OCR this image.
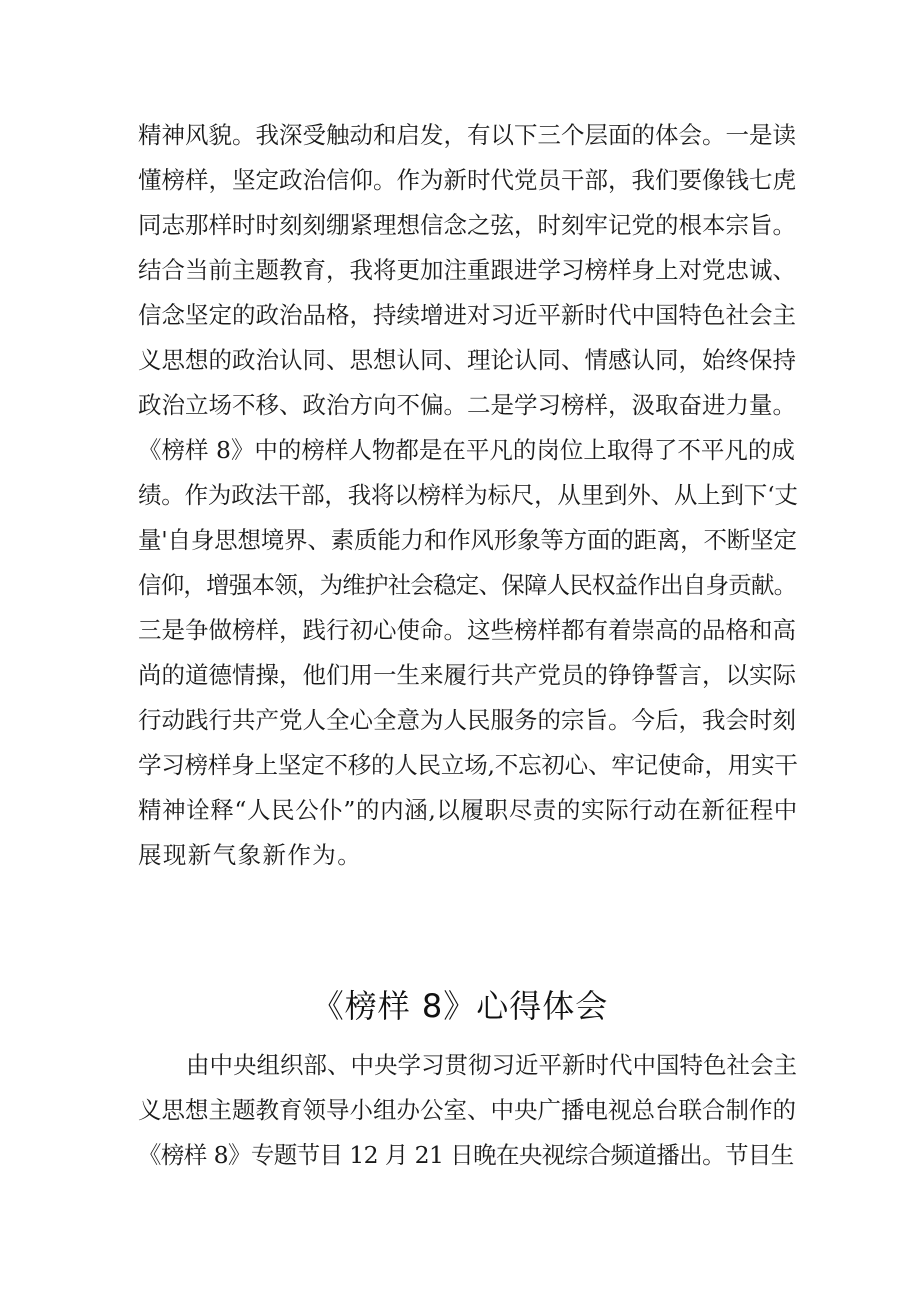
精神风貌。我深受触动和启发，有以下三个层面的体会。一是读
懂榜样，坚定政治信仰。作为新时代党员干部，我们要像钱七虎
同志那样时时刻刻绷紧理想信念之弦，时刻牢记党的根本宗旨。
结合当前主题教育，我将更加注重跟进学习榜样身上对党忠诚、
信念坚定的政治品格，持续增进对习近平新时代中国特色社会主
义思想的政治认同、思想认同、理论认同、情感认同，始终保持
政治立场不移、政治方向不偏。二是学习榜样，汲取奋进力量。
《榜样 8》中的榜样人物都是在平凡的岗位上取得了不平凡的成
绩。作为政法干部，我将以榜样为标尺，从里到外、从上到下‘丈
量'自身思想境界、素质能力和作风形象等方面的距离，不断坚定
信仰，增强本领，为维护社会稳定、保障人民权益作出自身贡献。
三是争做榜样，践行初心使命。这些榜样都有着崇高的品格和高
尚的道德情操，他们用一生来履行共产党员的铮铮誓言，以实际
行动践行共产党人全心全意为人民服务的宗旨。今后，我会时刻
学习榜样身上坚定不移的人民立场,不忘初心、牢记使命，用实干
精神诠释“人民公仆”的内涵,以履职尽责的实际行动在新征程中
展现新气象新作为。
《榜样 8》心得体会
由中央组织部、中央学习贯彻习近平新时代中国特色社会主
义思想主题教育领导小组办公室、中央广播电视总台联合制作的
《榜样 8》专题节目 12 月 21 日晚在央视综合频道播出。节目生
